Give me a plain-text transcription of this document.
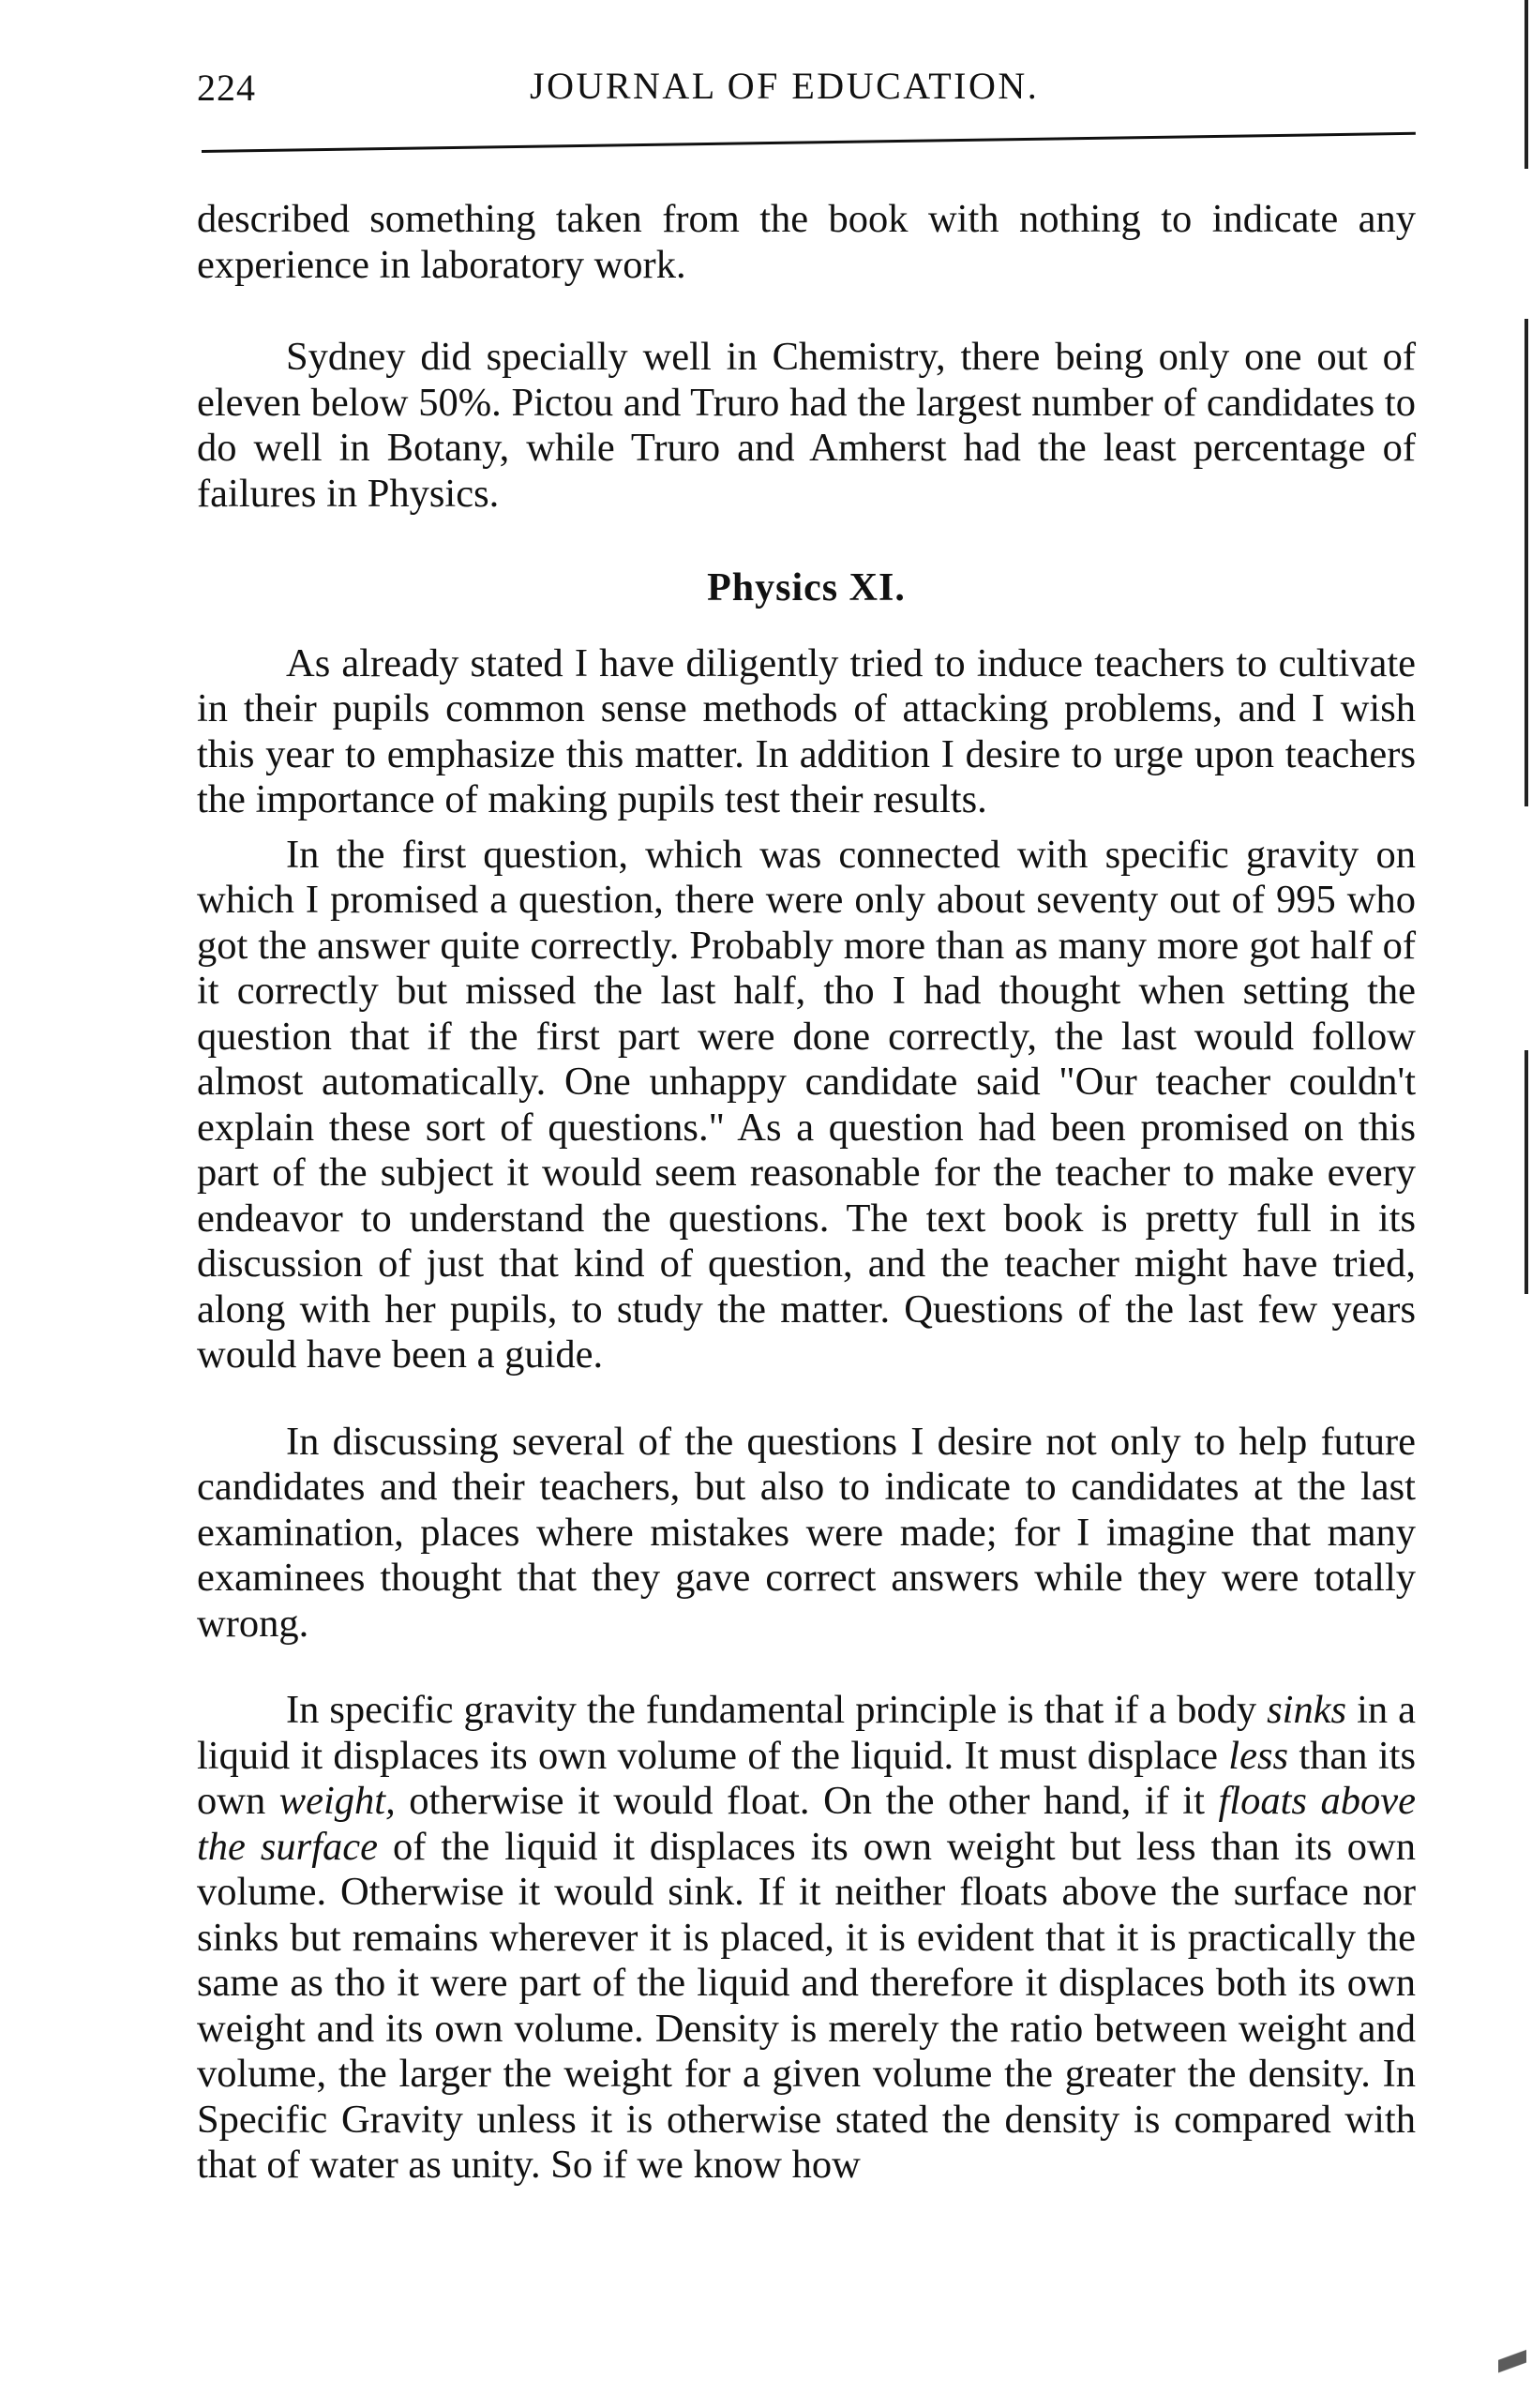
224	JOURNAL OF EDUCATION.

described something taken from the book with nothing to indicate any experience in laboratory work.

Sydney did specially well in Chemistry, there being only one out of eleven below 50%. Pictou and Truro had the largest number of candidates to do well in Botany, while Truro and Amherst had the least percentage of failures in Physics.

Physics XI.

As already stated I have diligently tried to induce teachers to cultivate in their pupils common sense methods of attacking problems, and I wish this year to emphasize this matter. In addition I desire to urge upon teachers the importance of making pupils test their results.

In the first question, which was connected with specific gravity on which I promised a question, there were only about seventy out of 995 who got the answer quite correctly. Probably more than as many more got half of it correctly but missed the last half, tho I had thought when setting the question that if the first part were done correctly, the last would follow almost automatically. One unhappy candidate said "Our teacher couldn't explain these sort of questions." As a question had been promised on this part of the subject it would seem reasonable for the teacher to make every endeavor to understand the questions. The text book is pretty full in its discussion of just that kind of question, and the teacher might have tried, along with her pupils, to study the matter. Questions of the last few years would have been a guide.

In discussing several of the questions I desire not only to help future candidates and their teachers, but also to indicate to candidates at the last examination, places where mistakes were made; for I imagine that many examinees thought that they gave correct answers while they were totally wrong.

In specific gravity the fundamental principle is that if a body sinks in a liquid it displaces its own volume of the liquid. It must displace less than its own weight, otherwise it would float. On the other hand, if it floats above the surface of the liquid it displaces its own weight but less than its own volume. Otherwise it would sink. If it neither floats above the surface nor sinks but remains wherever it is placed, it is evident that it is practically the same as tho it were part of the liquid and therefore it displaces both its own weight and its own volume. Density is merely the ratio between weight and volume, the larger the weight for a given volume the greater the density. In Specific Gravity unless it is otherwise stated the density is compared with that of water as unity. So if we know how
